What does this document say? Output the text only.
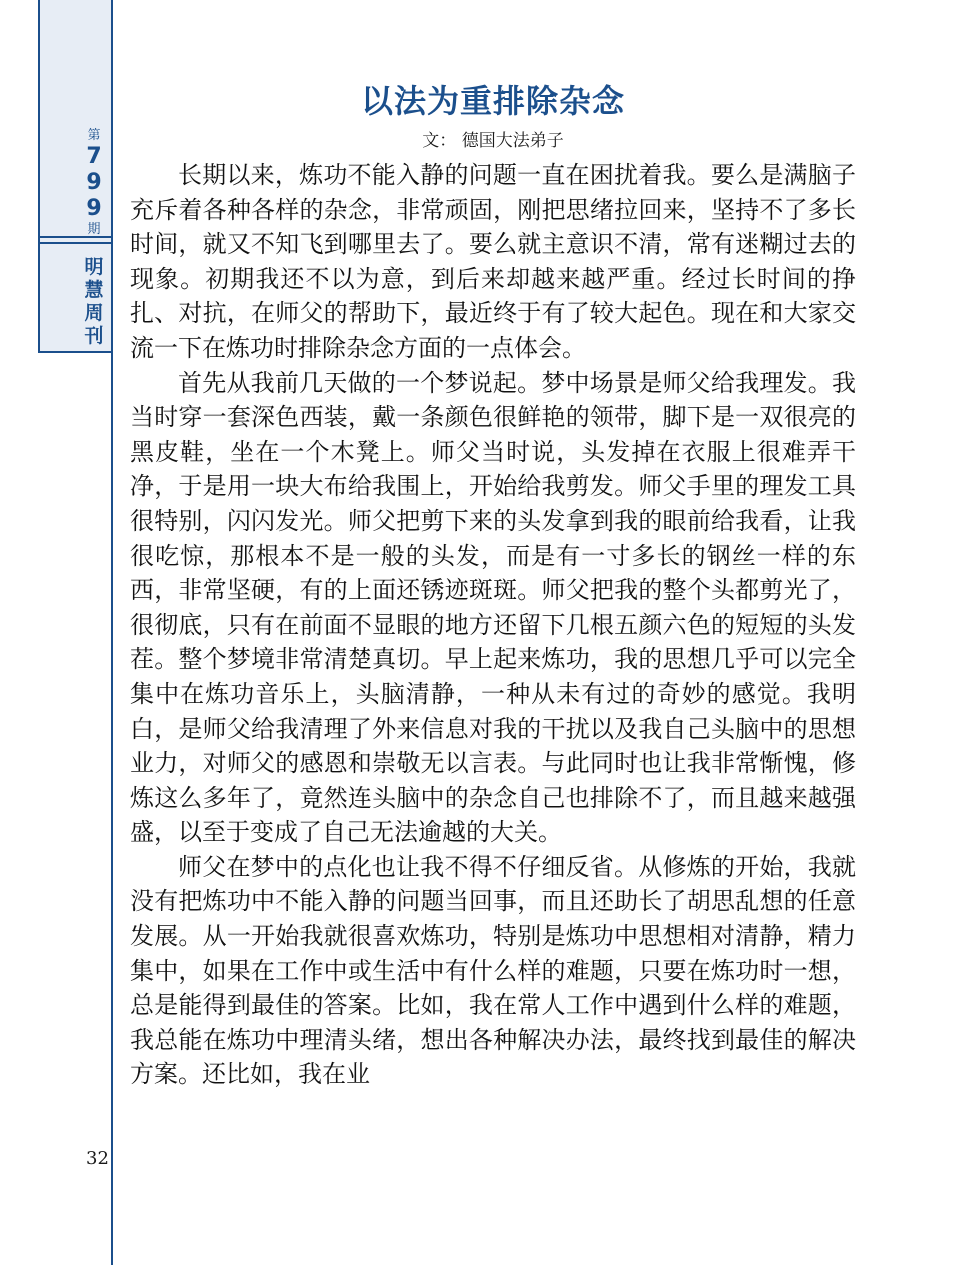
第
799
期
明慧周刊
32
以法为重排除杂念
文： 德国大法弟子

长期以来，炼功不能入静的问题一直在困扰着我。要么是满脑子充斥着各种各样的杂念，非常顽固，刚把思绪拉回来，坚持不了多长时间，就又不知飞到哪里去了。要么就主意识不清，常有迷糊过去的现象。初期我还不以为意，到后来却越来越严重。经过长时间的挣扎、对抗，在师父的帮助下，最近终于有了较大起色。现在和大家交流一下在炼功时排除杂念方面的一点体会。

首先从我前几天做的一个梦说起。梦中场景是师父给我理发。我当时穿一套深色西装，戴一条颜色很鲜艳的领带，脚下是一双很亮的黑皮鞋，坐在一个木凳上。师父当时说，头发掉在衣服上很难弄干净，于是用一块大布给我围上，开始给我剪发。师父手里的理发工具很特别，闪闪发光。师父把剪下来的头发拿到我的眼前给我看，让我很吃惊，那根本不是一般的头发，而是有一寸多长的钢丝一样的东西，非常坚硬，有的上面还锈迹斑斑。师父把我的整个头都剪光了，很彻底，只有在前面不显眼的地方还留下几根五颜六色的短短的头发茬。整个梦境非常清楚真切。早上起来炼功，我的思想几乎可以完全集中在炼功音乐上，头脑清静，一种从未有过的奇妙的感觉。我明白，是师父给我清理了外来信息对我的干扰以及我自己头脑中的思想业力，对师父的感恩和崇敬无以言表。与此同时也让我非常惭愧，修炼这么多年了，竟然连头脑中的杂念自己也排除不了，而且越来越强盛，以至于变成了自己无法逾越的大关。

师父在梦中的点化也让我不得不仔细反省。从修炼的开始，我就没有把炼功中不能入静的问题当回事，而且还助长了胡思乱想的任意发展。从一开始我就很喜欢炼功，特别是炼功中思想相对清静，精力集中，如果在工作中或生活中有什么样的难题，只要在炼功时一想，总是能得到最佳的答案。比如，我在常人工作中遇到什么样的难题，我总能在炼功中理清头绪，想出各种解决办法，最终找到最佳的解决方案。还比如，我在业
